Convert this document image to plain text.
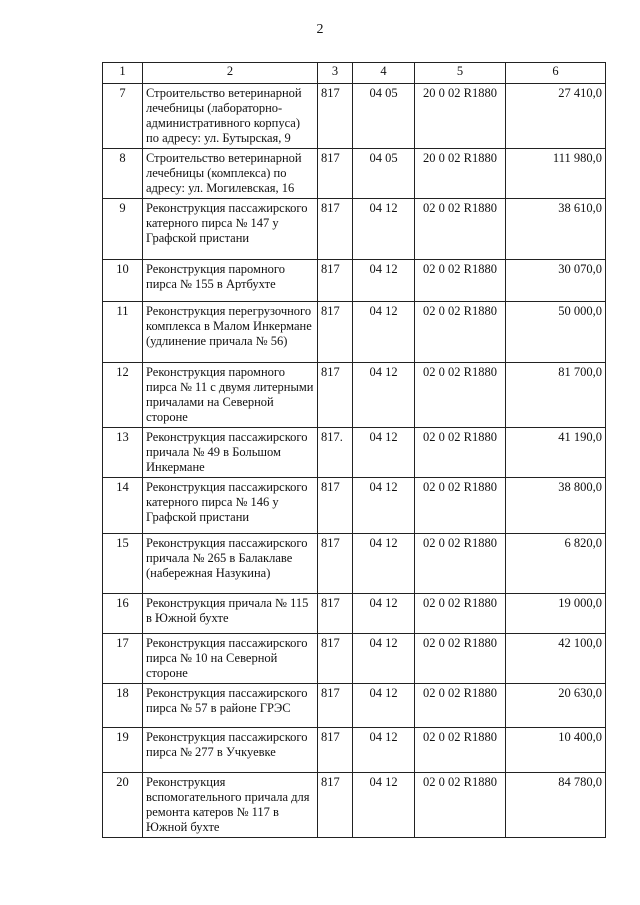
2
1	2	3	4	5	6
7	Строительство ветеринарной лечебницы (лабораторно-административного корпуса) по адресу: ул. Бутырская, 9	817	04 05	20 0 02 R1880	27 410,0
8	Строительство ветеринарной лечебницы (комплекса) по адресу: ул. Могилевская, 16	817	04 05	20 0 02 R1880	111 980,0
9	Реконструкция пассажирского катерного пирса № 147 у Графской пристани	817	04 12	02 0 02 R1880	38 610,0
10	Реконструкция паромного пирса № 155 в Артбухте	817	04 12	02 0 02 R1880	30 070,0
11	Реконструкция перегрузочного комплекса в Малом Инкермане (удлинение причала № 56)	817	04 12	02 0 02 R1880	50 000,0
12	Реконструкция паромного пирса № 11 с двумя литерными причалами на Северной стороне	817	04 12	02 0 02 R1880	81 700,0
13	Реконструкция пассажирского причала № 49 в Большом Инкермане	817.	04 12	02 0 02 R1880	41 190,0
14	Реконструкция пассажирского катерного пирса № 146 у Графской пристани	817	04 12	02 0 02 R1880	38 800,0
15	Реконструкция пассажирского причала № 265 в Балаклаве (набережная Назукина)	817	04 12	02 0 02 R1880	6 820,0
16	Реконструкция причала № 115 в Южной бухте	817	04 12	02 0 02 R1880	19 000,0
17	Реконструкция пассажирского пирса № 10 на Северной стороне	817	04 12	02 0 02 R1880	42 100,0
18	Реконструкция пассажирского пирса № 57 в районе ГРЭС	817	04 12	02 0 02 R1880	20 630,0
19	Реконструкция пассажирского пирса № 277 в Учкуевке	817	04 12	02 0 02 R1880	10 400,0
20	Реконструкция вспомогательного причала для ремонта катеров № 117 в Южной бухте	817	04 12	02 0 02 R1880	84 780,0
